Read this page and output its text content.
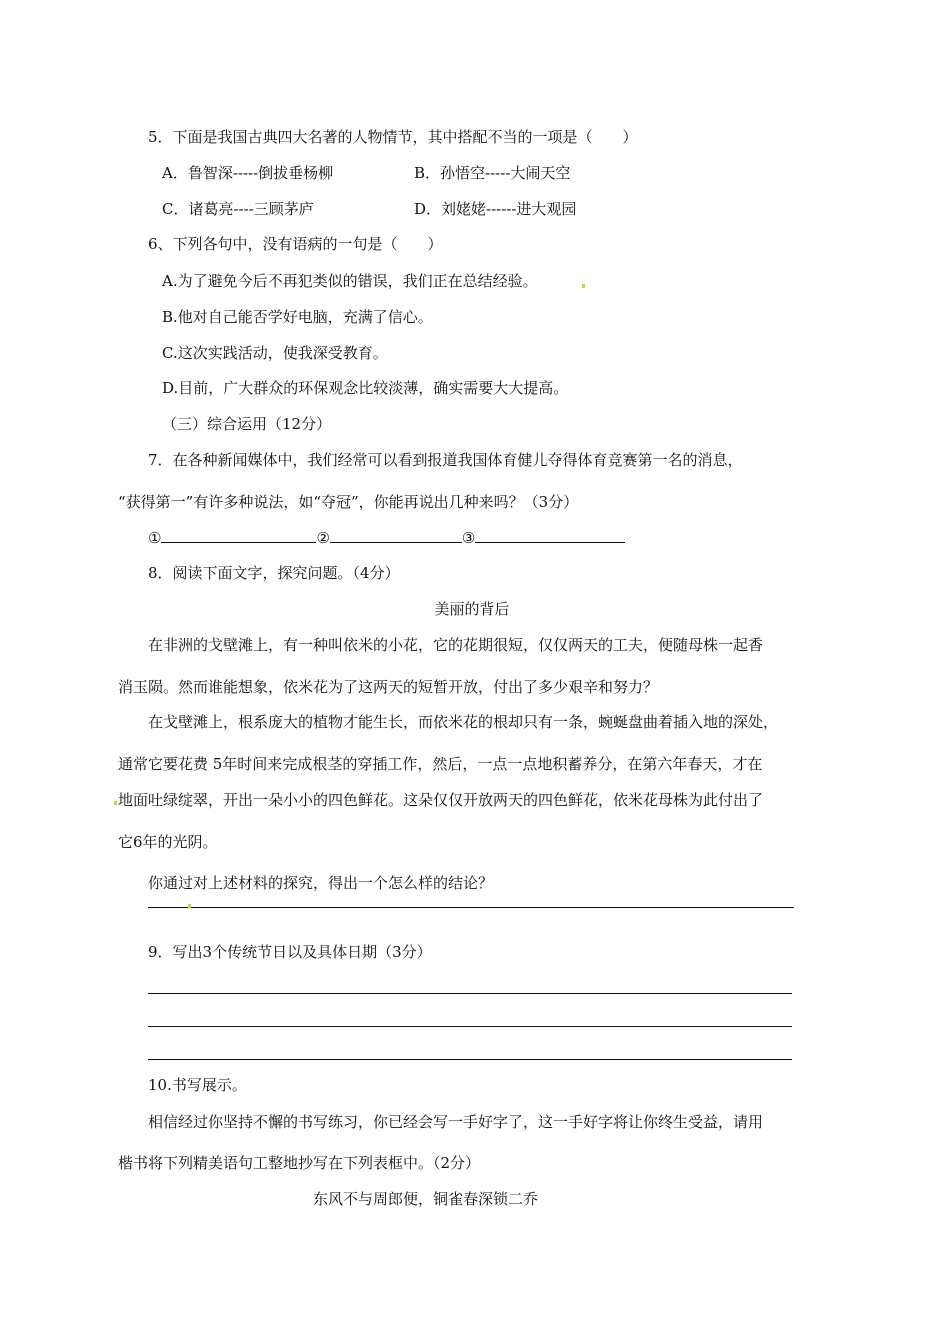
5．下面是我国古典四大名著的人物情节，其中搭配不当的一项是（　　）
A．鲁智深-----倒拔垂杨柳	B．孙悟空-----大闹天空
C．诸葛亮----三顾茅庐	D．刘姥姥------进大观园
6、下列各句中，没有语病的一句是（　　）
A.为了避免今后不再犯类似的错误，我们正在总结经验。
B.他对自己能否学好电脑，充满了信心。
C.这次实践活动，使我深受教育。
D.目前，广大群众的环保观念比较淡薄，确实需要大大提高。
（三）综合运用（12分）
7．在各种新闻媒体中，我们经常可以看到报道我国体育健儿夺得体育竞赛第一名的消息，
“获得第一”有许多种说法，如“夺冠”，你能再说出几种来吗？（3分）
①	②	③
8．阅读下面文字，探究问题。（4分）
美丽的背后
在非洲的戈壁滩上，有一种叫依米的小花，它的花期很短，仅仅两天的工夫，便随母株一起香
消玉陨。然而谁能想象，依米花为了这两天的短暂开放，付出了多少艰辛和努力？
在戈壁滩上，根系庞大的植物才能生长，而依米花的根却只有一条，蜿蜒盘曲着插入地的深处，
通常它要花费 5年时间来完成根茎的穿插工作，然后，一点一点地积蓄养分，在第六年春天，才在
地面吐绿绽翠，开出一朵小小的四色鲜花。这朵仅仅开放两天的四色鲜花，依米花母株为此付出了
它6年的光阴。
你通过对上述材料的探究，得出一个怎么样的结论？
9．写出3个传统节日以及具体日期（3分）
10.书写展示。
相信经过你坚持不懈的书写练习，你已经会写一手好字了，这一手好字将让你终生受益，请用
楷书将下列精美语句工整地抄写在下列表框中。（2分）
东风不与周郎便，铜雀春深锁二乔
